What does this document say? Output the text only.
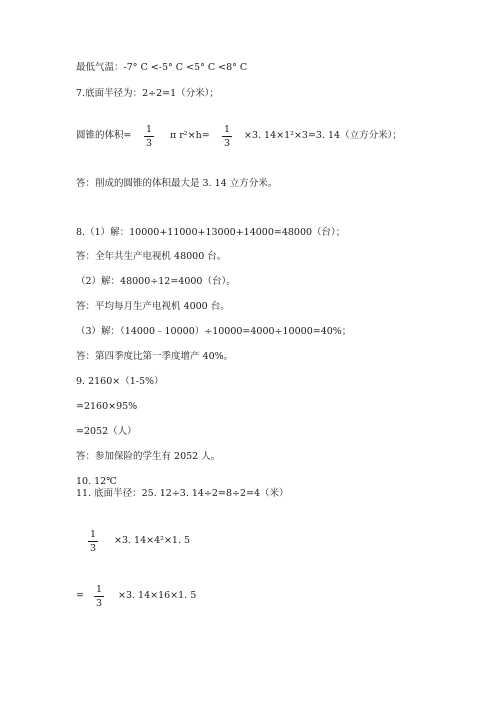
最低气温：-7° C <-5° C <5° C <8° C
7.底面半径为：2÷2=1（分米）；
圆锥的体积=
1
3
π r²×h=
1
3
×3. 14×1²×3=3. 14（立方分米）；
答：削成的圆锥的体积最大是 3. 14 立方分米。
8.（1）解：10000+11000+13000+14000=48000（台）；
答：全年共生产电视机 48000 台。
（2）解：48000÷12=4000（台）。
答：平均每月生产电视机 4000 台。
（3）解：（14000﹣10000）÷10000=4000÷10000=40%；
答：第四季度比第一季度增产 40%。
9. 2160×（1-5%）
=2160×95%
=2052（人）
答：参加保险的学生有 2052 人。
10. 12℃
11. 底面半径：25. 12÷3. 14÷2=8÷2=4（米）
1
3
×3. 14×4²×1. 5
=
1
3
×3. 14×16×1. 5
